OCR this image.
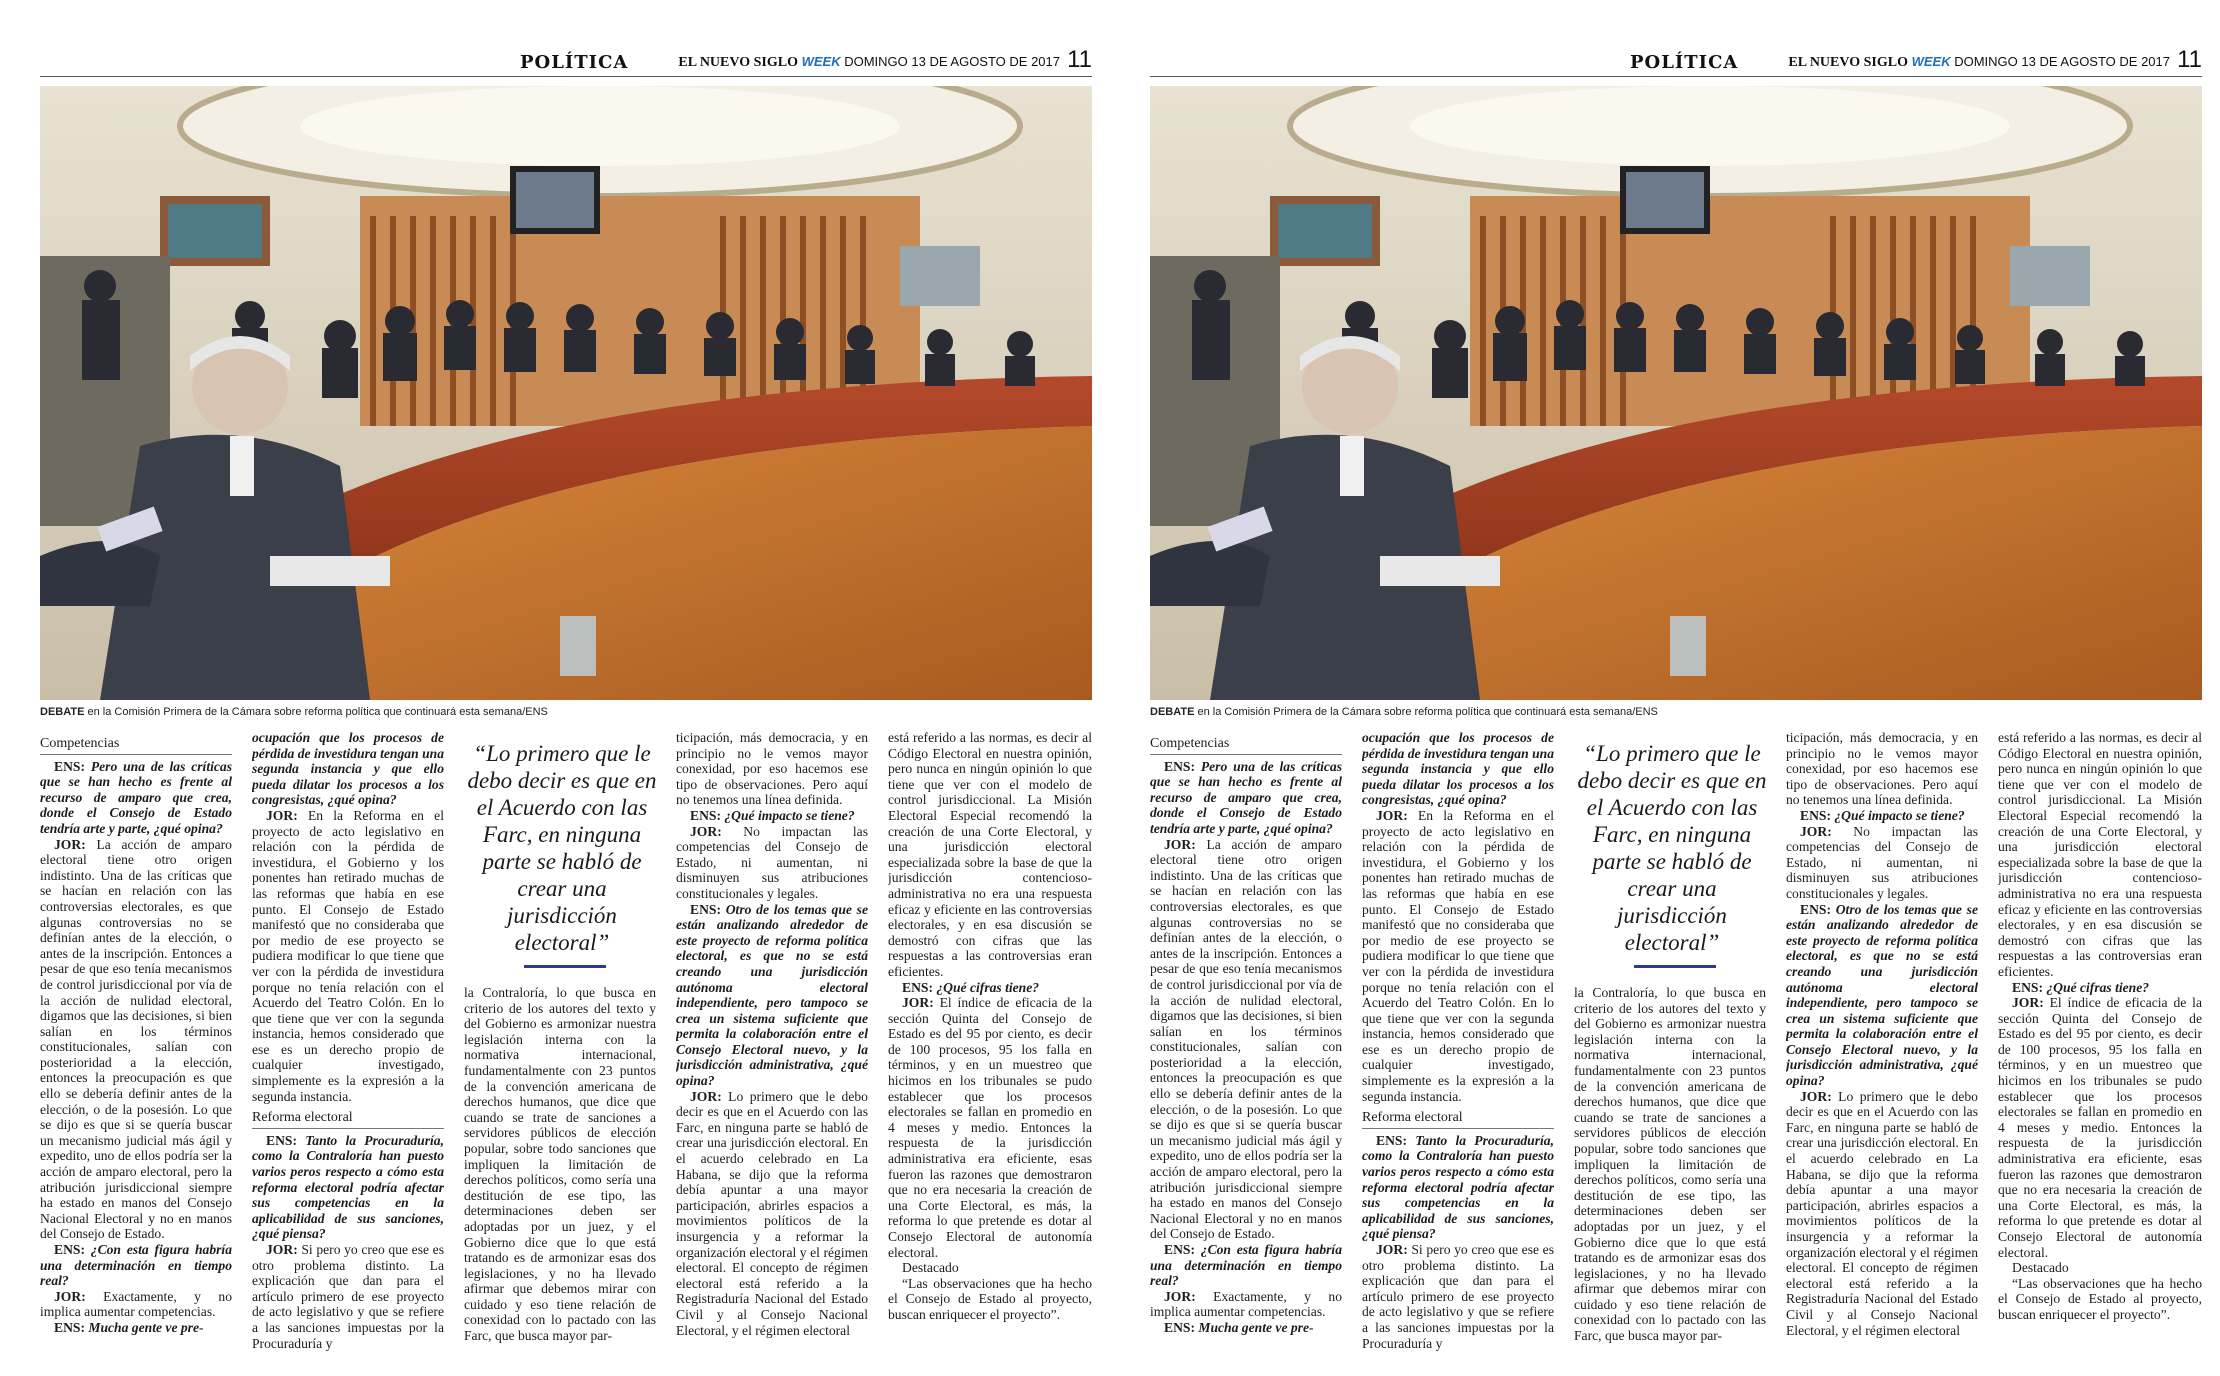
POLÍTICA	EL NUEVO SIGLO WEEK DOMINGO 13 DE AGOSTO DE 2017 11
DEBATE en la Comisión Primera de la Cámara sobre reforma política que continuará esta semana/ENS
Competencias

ENS: Pero una de las críticas que se han hecho es frente al recurso de amparo que crea, donde el Consejo de Estado tendría arte y parte, ¿qué opina?

JOR: La acción de amparo electoral tiene otro origen indistinto. Una de las críticas que se hacían en relación con las controversias electorales, es que algunas controversias no se definían antes de la elección, o antes de la inscripción. Entonces a pesar de que eso tenía mecanismos de control jurisdiccional por vía de la acción de nulidad electoral, digamos que las decisiones, si bien salían en los términos constitucionales, salían con posterioridad a la elección, entonces la preocupación es que ello se debería definir antes de la elección, o de la posesión. Lo que se dijo es que si se quería buscar un mecanismo judicial más ágil y expedito, uno de ellos podría ser la acción de amparo electoral, pero la atribución jurisdiccional siempre ha estado en manos del Consejo Nacional Electoral y no en manos del Consejo de Estado.

ENS: ¿Con esta figura habría una determinación en tiempo real?

JOR: Exactamente, y no implica aumentar competencias.

ENS: Mucha gente ve pre-

ocupación que los procesos de pérdida de investidura tengan una segunda instancia y que ello pueda dilatar los procesos a los congresistas, ¿qué opina?

JOR: En la Reforma en el proyecto de acto legislativo en relación con la pérdida de investidura, el Gobierno y los ponentes han retirado muchas de las reformas que había en ese punto. El Consejo de Estado manifestó que no consideraba que por medio de ese proyecto se pudiera modificar lo que tiene que ver con la pérdida de investidura porque no tenía relación con el Acuerdo del Teatro Colón. En lo que tiene que ver con la segunda instancia, hemos considerado que ese es un derecho propio de cualquier investigado, simplemente es la expresión a la segunda instancia.

Reforma electoral

ENS: Tanto la Procuraduría, como la Contraloría han puesto varios peros respecto a cómo esta reforma electoral podría afectar sus competencias en la aplicabilidad de sus sanciones, ¿qué piensa?

JOR: Si pero yo creo que ese es otro problema distinto. La explicación que dan para el artículo primero de ese proyecto de acto legislativo y que se refiere a las sanciones impuestas por la Procuraduría y

“Lo primero que le debo decir es que en el Acuerdo con las Farc, en ninguna parte se habló de crear una jurisdicción electoral”

la Contraloría, lo que busca en criterio de los autores del texto y del Gobierno es armonizar nuestra legislación interna con la normativa internacional, fundamentalmente con 23 puntos de la convención americana de derechos humanos, que dice que cuando se trate de sanciones a servidores públicos de elección popular, sobre todo sanciones que impliquen la limitación de derechos políticos, como sería una destitución de ese tipo, las determinaciones deben ser adoptadas por un juez, y el Gobierno dice que lo que está tratando es de armonizar esas dos legislaciones, y no ha llevado afirmar que debemos mirar con cuidado y eso tiene relación de conexidad con lo pactado con las Farc, que busca mayor par-

ticipación, más democracia, y en principio no le vemos mayor conexidad, por eso hacemos ese tipo de observaciones. Pero aquí no tenemos una línea definida.

ENS: ¿Qué impacto se tiene?

JOR: No impactan las competencias del Consejo de Estado, ni aumentan, ni disminuyen sus atribuciones constitucionales y legales.

ENS: Otro de los temas que se están analizando alrededor de este proyecto de reforma política electoral, es que no se está creando una jurisdicción autónoma electoral independiente, pero tampoco se crea un sistema suficiente que permita la colaboración entre el Consejo Electoral nuevo, y la jurisdicción administrativa, ¿qué opina?

JOR: Lo primero que le debo decir es que en el Acuerdo con las Farc, en ninguna parte se habló de crear una jurisdicción electoral. En el acuerdo celebrado en La Habana, se dijo que la reforma debía apuntar a una mayor participación, abrirles espacios a movimientos políticos de la insurgencia y a reformar la organización electoral y el régimen electoral. El concepto de régimen electoral está referido a la Registraduría Nacional del Estado Civil y al Consejo Nacional Electoral, y el régimen electoral

está referido a las normas, es decir al Código Electoral en nuestra opinión, pero nunca en ningún opinión lo que tiene que ver con el modelo de control jurisdiccional. La Misión Electoral Especial recomendó la creación de una Corte Electoral, y una jurisdicción electoral especializada sobre la base de que la jurisdicción contencioso-administrativa no era una respuesta eficaz y eficiente en las controversias electorales, y en esa discusión se demostró con cifras que las respuestas a las controversias eran eficientes.

ENS: ¿Qué cifras tiene?

JOR: El índice de eficacia de la sección Quinta del Consejo de Estado es del 95 por ciento, es decir de 100 procesos, 95 los falla en términos, y en un muestreo que hicimos en los tribunales se pudo establecer que los procesos electorales se fallan en promedio en 4 meses y medio. Entonces la respuesta de la jurisdicción administrativa era eficiente, esas fueron las razones que demostraron que no era necesaria la creación de una Corte Electoral, es más, la reforma lo que pretende es dotar al Consejo Electoral de autonomía electoral.

Destacado

“Las observaciones que ha hecho el Consejo de Estado al proyecto, buscan enriquecer el proyecto”.

POLÍTICA	EL NUEVO SIGLO WEEK DOMINGO 13 DE AGOSTO DE 2017 11
DEBATE en la Comisión Primera de la Cámara sobre reforma política que continuará esta semana/ENS
Competencias

ENS: Pero una de las críticas que se han hecho es frente al recurso de amparo que crea, donde el Consejo de Estado tendría arte y parte, ¿qué opina?

JOR: La acción de amparo electoral tiene otro origen indistinto. Una de las críticas que se hacían en relación con las controversias electorales, es que algunas controversias no se definían antes de la elección, o antes de la inscripción. Entonces a pesar de que eso tenía mecanismos de control jurisdiccional por vía de la acción de nulidad electoral, digamos que las decisiones, si bien salían en los términos constitucionales, salían con posterioridad a la elección, entonces la preocupación es que ello se debería definir antes de la elección, o de la posesión. Lo que se dijo es que si se quería buscar un mecanismo judicial más ágil y expedito, uno de ellos podría ser la acción de amparo electoral, pero la atribución jurisdiccional siempre ha estado en manos del Consejo Nacional Electoral y no en manos del Consejo de Estado.

ENS: ¿Con esta figura habría una determinación en tiempo real?

JOR: Exactamente, y no implica aumentar competencias.

ENS: Mucha gente ve pre-

ocupación que los procesos de pérdida de investidura tengan una segunda instancia y que ello pueda dilatar los procesos a los congresistas, ¿qué opina?

JOR: En la Reforma en el proyecto de acto legislativo en relación con la pérdida de investidura, el Gobierno y los ponentes han retirado muchas de las reformas que había en ese punto. El Consejo de Estado manifestó que no consideraba que por medio de ese proyecto se pudiera modificar lo que tiene que ver con la pérdida de investidura porque no tenía relación con el Acuerdo del Teatro Colón. En lo que tiene que ver con la segunda instancia, hemos considerado que ese es un derecho propio de cualquier investigado, simplemente es la expresión a la segunda instancia.

Reforma electoral

ENS: Tanto la Procuraduría, como la Contraloría han puesto varios peros respecto a cómo esta reforma electoral podría afectar sus competencias en la aplicabilidad de sus sanciones, ¿qué piensa?

JOR: Si pero yo creo que ese es otro problema distinto. La explicación que dan para el artículo primero de ese proyecto de acto legislativo y que se refiere a las sanciones impuestas por la Procuraduría y

“Lo primero que le debo decir es que en el Acuerdo con las Farc, en ninguna parte se habló de crear una jurisdicción electoral”

la Contraloría, lo que busca en criterio de los autores del texto y del Gobierno es armonizar nuestra legislación interna con la normativa internacional, fundamentalmente con 23 puntos de la convención americana de derechos humanos, que dice que cuando se trate de sanciones a servidores públicos de elección popular, sobre todo sanciones que impliquen la limitación de derechos políticos, como sería una destitución de ese tipo, las determinaciones deben ser adoptadas por un juez, y el Gobierno dice que lo que está tratando es de armonizar esas dos legislaciones, y no ha llevado afirmar que debemos mirar con cuidado y eso tiene relación de conexidad con lo pactado con las Farc, que busca mayor par-

ticipación, más democracia, y en principio no le vemos mayor conexidad, por eso hacemos ese tipo de observaciones. Pero aquí no tenemos una línea definida.

ENS: ¿Qué impacto se tiene?

JOR: No impactan las competencias del Consejo de Estado, ni aumentan, ni disminuyen sus atribuciones constitucionales y legales.

ENS: Otro de los temas que se están analizando alrededor de este proyecto de reforma política electoral, es que no se está creando una jurisdicción autónoma electoral independiente, pero tampoco se crea un sistema suficiente que permita la colaboración entre el Consejo Electoral nuevo, y la jurisdicción administrativa, ¿qué opina?

JOR: Lo primero que le debo decir es que en el Acuerdo con las Farc, en ninguna parte se habló de crear una jurisdicción electoral. En el acuerdo celebrado en La Habana, se dijo que la reforma debía apuntar a una mayor participación, abrirles espacios a movimientos políticos de la insurgencia y a reformar la organización electoral y el régimen electoral. El concepto de régimen electoral está referido a la Registraduría Nacional del Estado Civil y al Consejo Nacional Electoral, y el régimen electoral

está referido a las normas, es decir al Código Electoral en nuestra opinión, pero nunca en ningún opinión lo que tiene que ver con el modelo de control jurisdiccional. La Misión Electoral Especial recomendó la creación de una Corte Electoral, y una jurisdicción electoral especializada sobre la base de que la jurisdicción contencioso-administrativa no era una respuesta eficaz y eficiente en las controversias electorales, y en esa discusión se demostró con cifras que las respuestas a las controversias eran eficientes.

ENS: ¿Qué cifras tiene?

JOR: El índice de eficacia de la sección Quinta del Consejo de Estado es del 95 por ciento, es decir de 100 procesos, 95 los falla en términos, y en un muestreo que hicimos en los tribunales se pudo establecer que los procesos electorales se fallan en promedio en 4 meses y medio. Entonces la respuesta de la jurisdicción administrativa era eficiente, esas fueron las razones que demostraron que no era necesaria la creación de una Corte Electoral, es más, la reforma lo que pretende es dotar al Consejo Electoral de autonomía electoral.

Destacado

“Las observaciones que ha hecho el Consejo de Estado al proyecto, buscan enriquecer el proyecto”.
